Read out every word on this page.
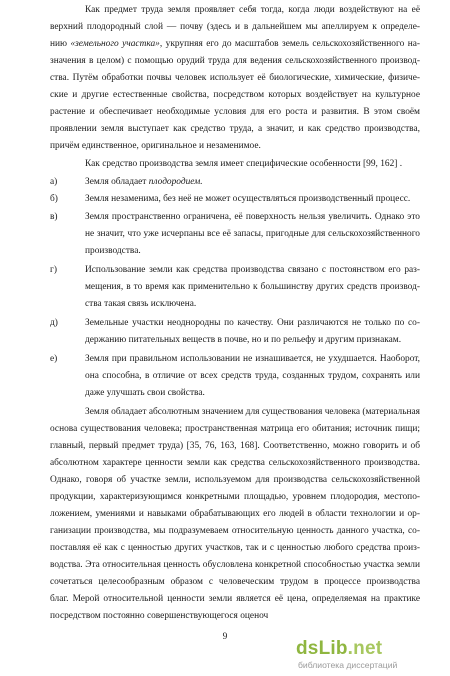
Как предмет труда земля проявляет себя тогда, когда люди воздействуют на её
верхний плодородный слой — почву (здесь и в дальнейшем мы апеллируем к определе-
нию «земельного участка», укрупняя его до масштабов земель сельскохозяйственного на-
значения в целом) с помощью орудий труда для ведения сельскохозяйственного производ-
ства. Путём обработки почвы человек использует её биологические, химические, физиче-
ские и другие естественные свойства, посредством которых воздействует на культурное
растение и обеспечивает необходимые условия для его роста и развития. В этом своём
проявлении земля выступает как средство труда, а значит, и как средство производства,
причём единственное, оригинальное и незаменимое.
Как средство производства земля имеет специфические особенности [99, 162] .
а)	Земля обладает плодородием.
б)	Земля незаменима, без неё не может осуществляться производственный процесс.
в)	Земля пространственно ограничена, её поверхность нельзя увеличить. Однако это
не значит, что уже исчерпаны все её запасы, пригодные для сельскохозяйственного
производства.
г)	Использование земли как средства производства связано с постоянством его раз-
мещения, в то время как применительно к большинству других средств производ-
ства такая связь исключена.
д)	Земельные участки неоднородны по качеству. Они различаются не только по со-
держанию питательных веществ в почве, но и по рельефу и другим признакам.
е)	Земля при правильном использовании не изнашивается, не ухудшается. Наоборот,
она способна, в отличие от всех средств труда, созданных трудом, сохранять или
даже улучшать свои свойства.
Земля обладает абсолютным значением для существования человека (материальная
основа существования человека; пространственная матрица его обитания; источник пищи;
главный, первый предмет труда) [35, 76, 163, 168]. Соответственно, можно говорить и об
абсолютном характере ценности земли как средства сельскохозяйственного производства.
Однако, говоря об участке земли, используемом для производства сельскохозяйственной
продукции, характеризующимся конкретными площадью, уровнем плодородия, местопо-
ложением, умениями и навыками обрабатывающих его людей в области технологии и ор-
ганизации производства, мы подразумеваем относительную ценность данного участка, со-
поставляя её как с ценностью других участков, так и с ценностью любого средства произ-
водства. Эта относительная ценность обусловлена конкретной способностью участка земли
сочетаться целесообразным образом с человеческим трудом в процессе производства
благ. Мерой относительной ценности земли является её цена, определяемая на практике
посредством постоянно совершенствующегося оценоч
9
dsLib.net
библиотека диссертаций
